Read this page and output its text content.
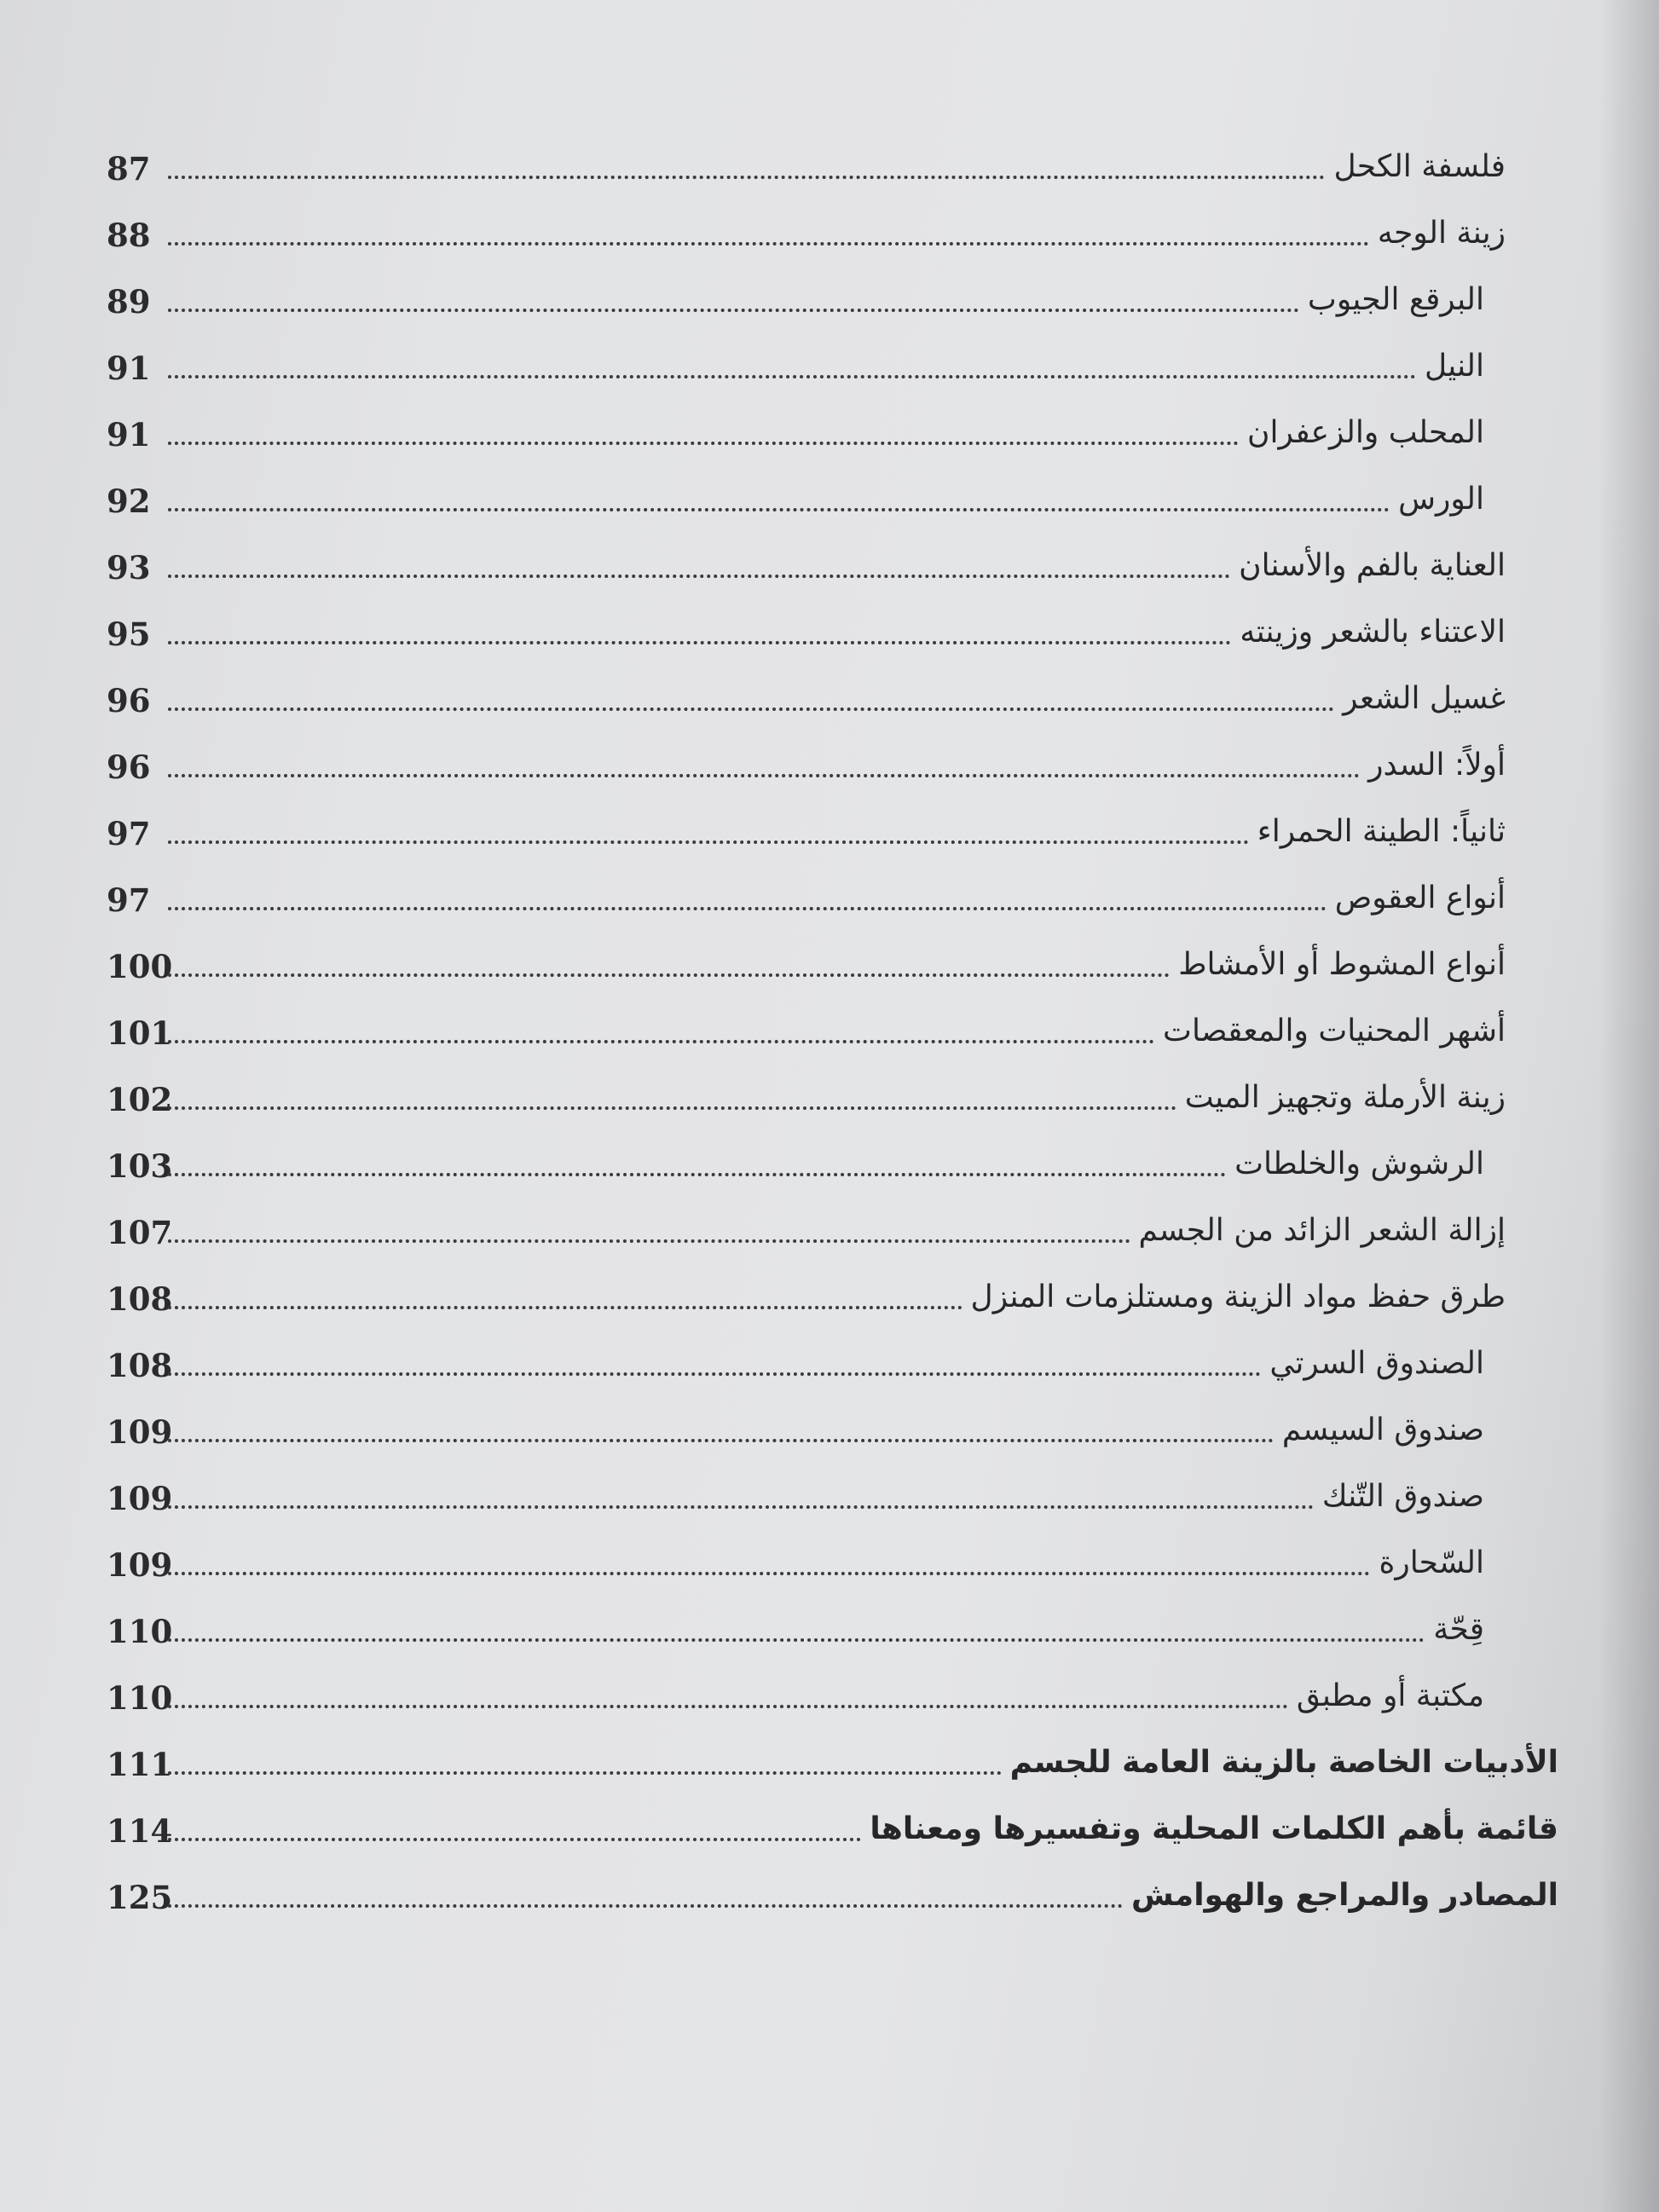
87	فلسفة الكحل
88	زينة الوجه
89	البرقع الجيوب
91	النيل
91	المحلب والزعفران
92	الورس
93	العناية بالفم والأسنان
95	الاعتناء بالشعر وزينته
96	غسيل الشعر
96	أولاً: السدر
97	ثانياً: الطينة الحمراء
97	أنواع العقوص
100	أنواع المشوط أو الأمشاط
101	أشهر المحنيات والمعقصات
102	زينة الأرملة وتجهيز الميت
103	الرشوش والخلطات
107	إزالة الشعر الزائد من الجسم
108	طرق حفظ مواد الزينة ومستلزمات المنزل
108	الصندوق السرتي
109	صندوق السيسم
109	صندوق التّنك
109	السّحارة
110	قِحّة
110	مكتبة أو مطبق
111	الأدبيات الخاصة بالزينة العامة للجسم
114	قائمة بأهم الكلمات المحلية وتفسيرها ومعناها
125	المصادر والمراجع والهوامش
